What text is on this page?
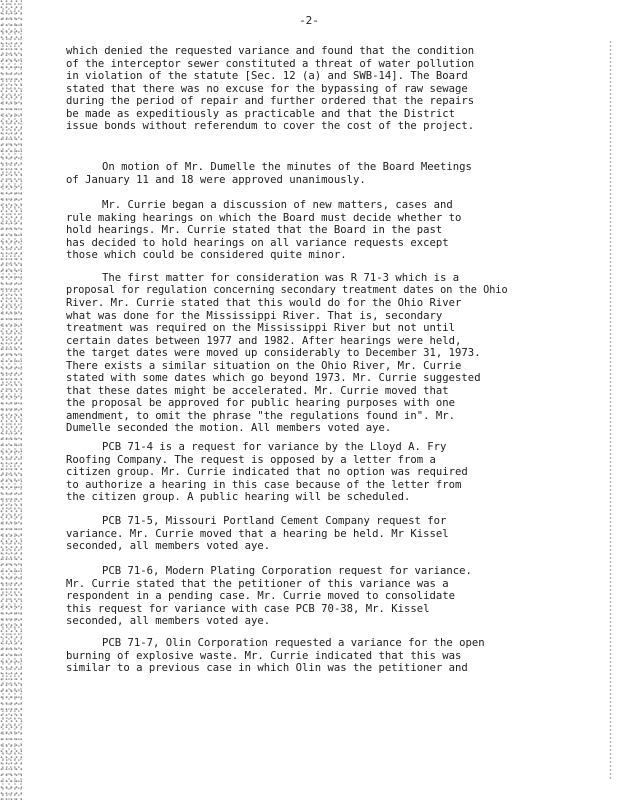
-2-
which denied the requested variance and found that the condition
of the interceptor sewer constituted a threat of water pollution
in violation of the statute [Sec. 12 (a) and SWB-14]. The Board
stated that there was no excuse for the bypassing of raw sewage
during the period of repair and further ordered that the repairs
be made as expeditiously as practicable and that the District
issue bonds without referendum to cover the cost of the project.
On motion of Mr. Dumelle the minutes of the Board Meetings
of January 11 and 18 were approved unanimously.
Mr. Currie began a discussion of new matters, cases and
rule making hearings on which the Board must decide whether to
hold hearings. Mr. Currie stated that the Board in the past
has decided to hold hearings on all variance requests except
those which could be considered quite minor.
The first matter for consideration was R 71-3 which is a
proposal for regulation concerning secondary treatment dates on the Ohio
River. Mr. Currie stated that this would do for the Ohio River
what was done for the Mississippi River. That is, secondary
treatment was required on the Mississippi River but not until
certain dates between 1977 and 1982. After hearings were held,
the target dates were moved up considerably to December 31, 1973.
There exists a similar situation on the Ohio River, Mr. Currie
stated with some dates which go beyond 1973. Mr. Currie suggested
that these dates might be accelerated. Mr. Currie moved that
the proposal be approved for public hearing purposes with one
amendment, to omit the phrase "the regulations found in". Mr.
Dumelle seconded the motion. All members voted aye.
PCB 71-4 is a request for variance by the Lloyd A. Fry
Roofing Company. The request is opposed by a letter from a
citizen group. Mr. Currie indicated that no option was required
to authorize a hearing in this case because of the letter from
the citizen group. A public hearing will be scheduled.
PCB 71-5, Missouri Portland Cement Company request for
variance. Mr. Currie moved that a hearing be held. Mr Kissel
seconded, all members voted aye.
PCB 71-6, Modern Plating Corporation request for variance.
Mr. Currie stated that the petitioner of this variance was a
respondent in a pending case. Mr. Currie moved to consolidate
this request for variance with case PCB 70-38, Mr. Kissel
seconded, all members voted aye.
PCB 71-7, Olin Corporation requested a variance for the open
burning of explosive waste. Mr. Currie indicated that this was
similar to a previous case in which Olin was the petitioner and
